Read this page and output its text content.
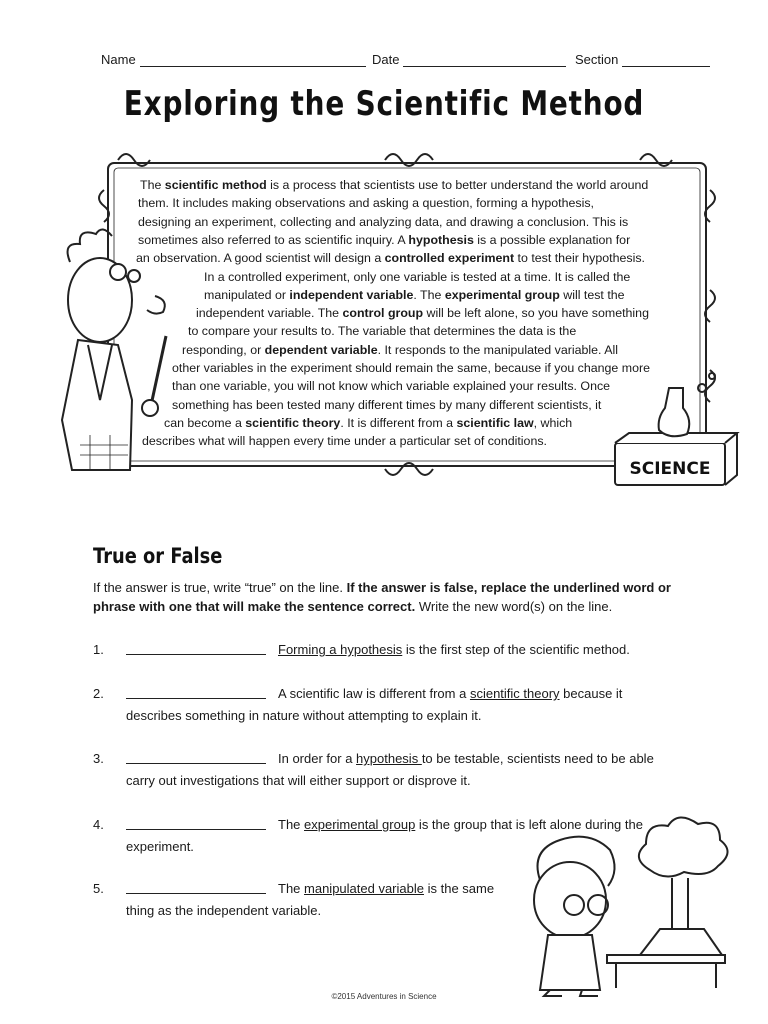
Name	Date	Section
Exploring the Scientific Method
SCIENCE
The scientific method is a process that scientists use to better understand the world around
them. It includes making observations and asking a question, forming a hypothesis,
designing an experiment, collecting and analyzing data, and drawing a conclusion. This is
sometimes also referred to as scientific inquiry. A hypothesis is a possible explanation for
an observation. A good scientist will design a controlled experiment to test their hypothesis.
In a controlled experiment, only one variable is tested at a time. It is called the
manipulated or independent variable. The experimental group will test the
independent variable. The control group will be left alone, so you have something
to compare your results to. The variable that determines the data is the
responding, or dependent variable. It responds to the manipulated variable. All
other variables in the experiment should remain the same, because if you change more
than one variable, you will not know which variable explained your results. Once
something has been tested many different times by many different scientists, it
can become a scientific theory. It is different from a scientific law, which
describes what will happen every time under a particular set of conditions.
True or False
If the answer is true, write “true” on the line. If the answer is false, replace the underlined word or phrase with one that will make the sentence correct. Write the new word(s) on the line.
1.	Forming a hypothesis is the first step of the scientific method.
2.	A scientific law is different from a scientific theory because it
describes something in nature without attempting to explain it.
3.	In order for a hypothesis to be testable, scientists need to be able
carry out investigations that will either support or disprove it.
4.	The experimental group is the group that is left alone during the
experiment.
5.	The manipulated variable is the same
thing as the independent variable.
©2015 Adventures in Science
